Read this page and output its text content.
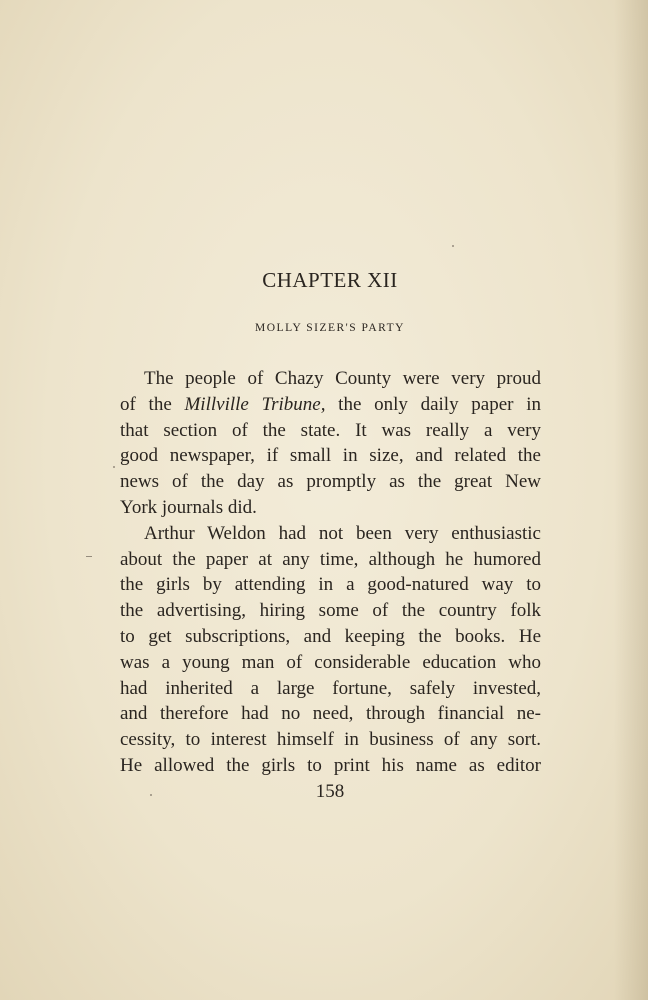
CHAPTER XII
MOLLY SIZER'S PARTY
The people of Chazy County were very proud
of the Millville Tribune, the only daily paper in
that section of the state. It was really a very
good newspaper, if small in size, and related the
news of the day as promptly as the great New
York journals did.
Arthur Weldon had not been very enthusiastic
about the paper at any time, although he humored
the girls by attending in a good-natured way to
the advertising, hiring some of the country folk
to get subscriptions, and keeping the books. He
was a young man of considerable education who
had inherited a large fortune, safely invested,
and therefore had no need, through financial ne-
cessity, to interest himself in business of any sort.
He allowed the girls to print his name as editor
158
